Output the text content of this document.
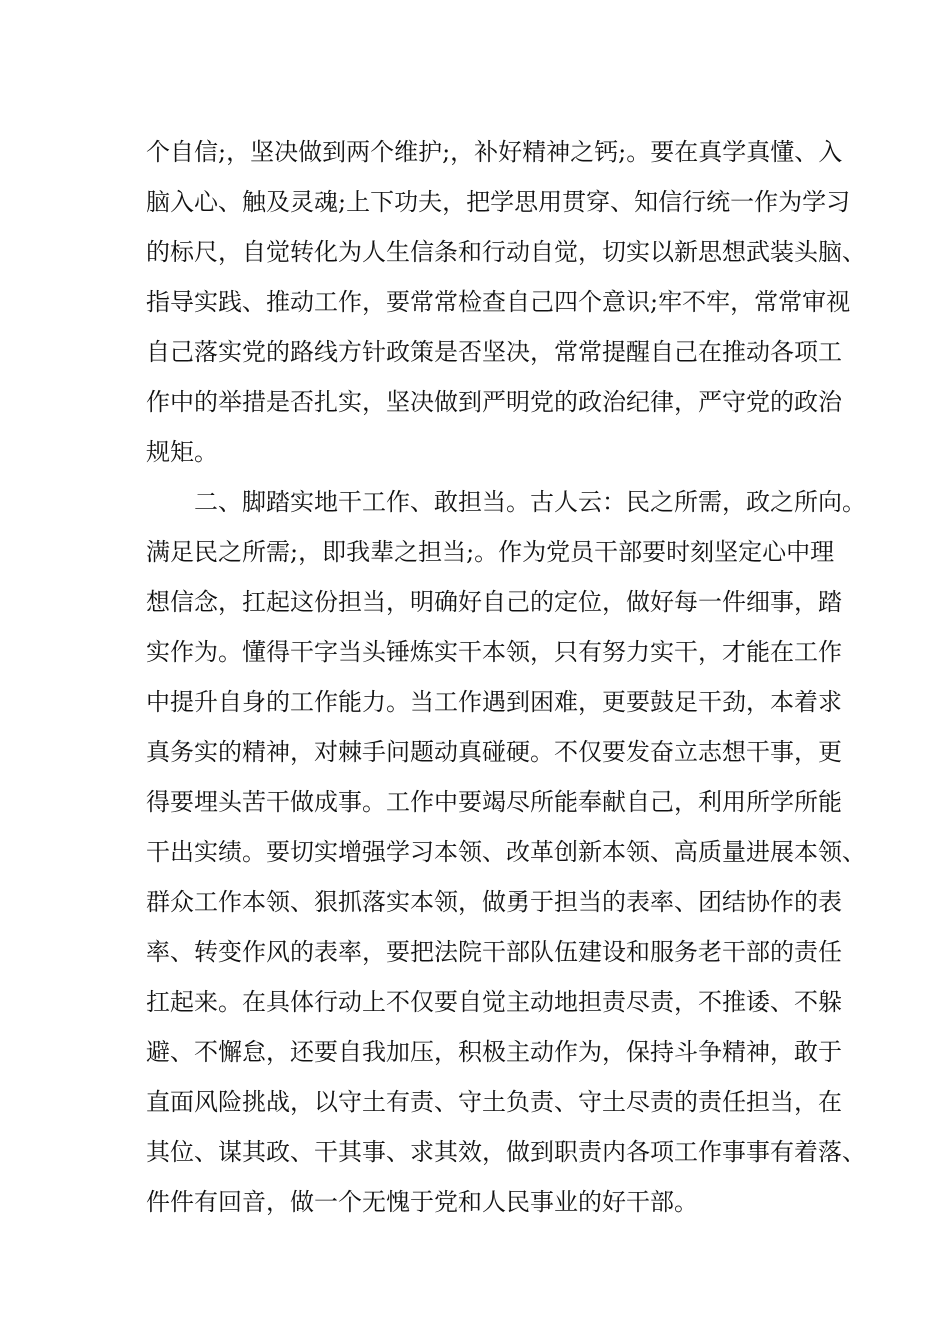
个自信;，坚决做到两个维护;，补好精神之钙;。要在真学真懂、入
脑入心、触及灵魂;上下功夫，把学思用贯穿、知信行统一作为学习
的标尺，自觉转化为人生信条和行动自觉，切实以新思想武装头脑、
指导实践、推动工作，要常常检查自己四个意识;牢不牢，常常审视
自己落实党的路线方针政策是否坚决，常常提醒自己在推动各项工
作中的举措是否扎实，坚决做到严明党的政治纪律，严守党的政治
规矩。
二、脚踏实地干工作、敢担当。古人云：民之所需，政之所向。
满足民之所需;，即我辈之担当;。作为党员干部要时刻坚定心中理
想信念，扛起这份担当，明确好自己的定位，做好每一件细事，踏
实作为。懂得干字当头锤炼实干本领，只有努力实干，才能在工作
中提升自身的工作能力。当工作遇到困难，更要鼓足干劲，本着求
真务实的精神，对棘手问题动真碰硬。不仅要发奋立志想干事，更
得要埋头苦干做成事。工作中要竭尽所能奉献自己，利用所学所能
干出实绩。要切实增强学习本领、改革创新本领、高质量进展本领、
群众工作本领、狠抓落实本领，做勇于担当的表率、团结协作的表
率、转变作风的表率，要把法院干部队伍建设和服务老干部的责任
扛起来。在具体行动上不仅要自觉主动地担责尽责，不推诿、不躲
避、不懈怠，还要自我加压，积极主动作为，保持斗争精神，敢于
直面风险挑战，以守土有责、守土负责、守土尽责的责任担当，在
其位、谋其政、干其事、求其效，做到职责内各项工作事事有着落、
件件有回音，做一个无愧于党和人民事业的好干部。
